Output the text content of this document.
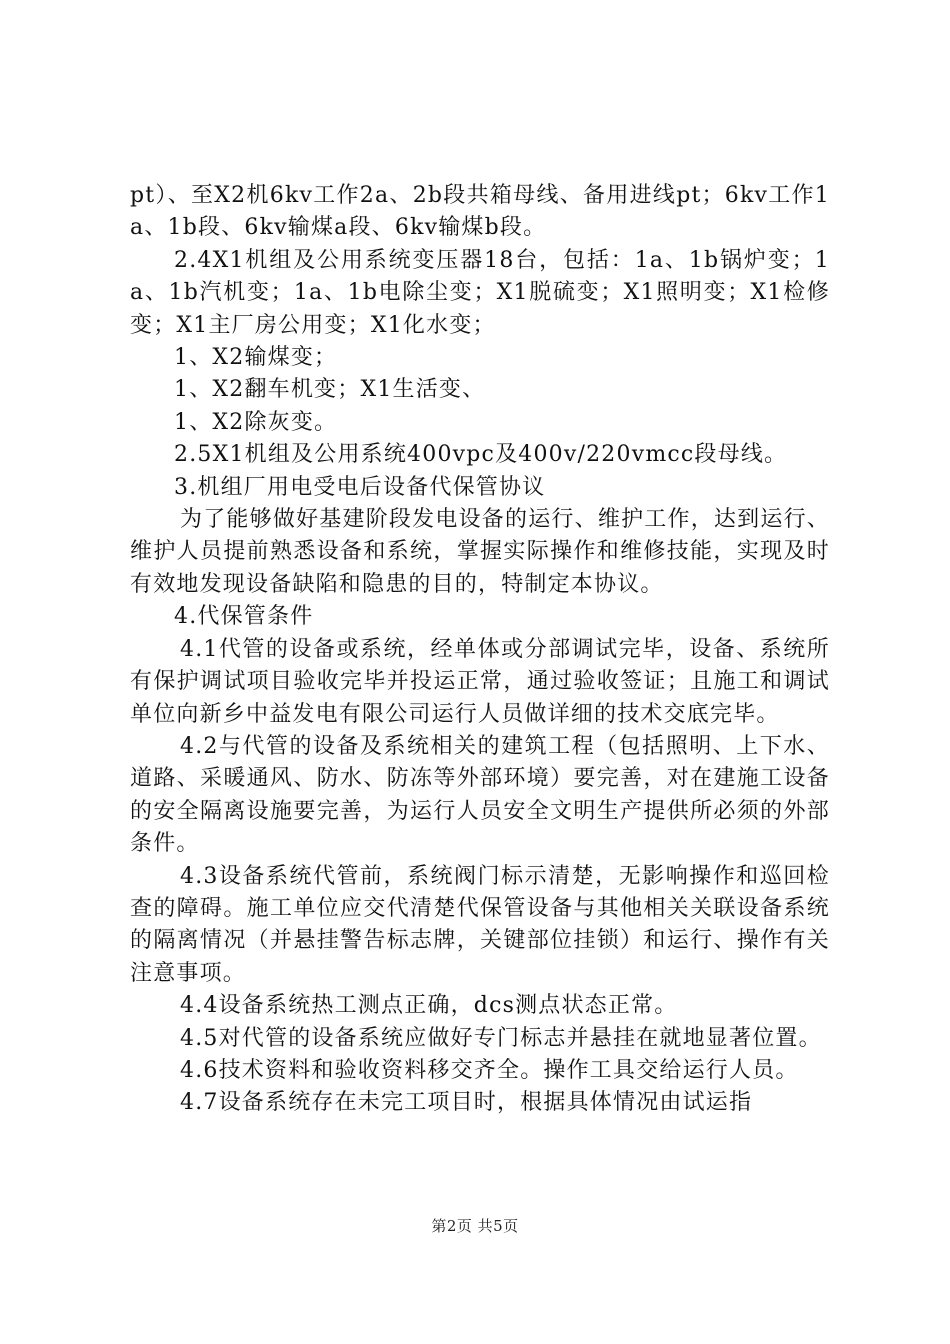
pt）、至X2机6kv工作2a、2b段共箱母线、备用进线pt；6kv工作1a、1b段、6kv输煤a段、6kv输煤b段。

2.4X1机组及公用系统变压器18台，包括：1a、1b锅炉变；1a、1b汽机变；1a、1b电除尘变；X1脱硫变；X1照明变；X1检修变；X1主厂房公用变；X1化水变；

1、X2输煤变；

1、X2翻车机变；X1生活变、

1、X2除灰变。

2.5X1机组及公用系统400vpc及400v/220vmcc段母线。

3.机组厂用电受电后设备代保管协议

为了能够做好基建阶段发电设备的运行、维护工作，达到运行、维护人员提前熟悉设备和系统，掌握实际操作和维修技能，实现及时有效地发现设备缺陷和隐患的目的，特制定本协议。

4.代保管条件

4.1代管的设备或系统，经单体或分部调试完毕，设备、系统所有保护调试项目验收完毕并投运正常，通过验收签证；且施工和调试单位向新乡中益发电有限公司运行人员做详细的技术交底完毕。

4.2与代管的设备及系统相关的建筑工程（包括照明、上下水、道路、采暖通风、防水、防冻等外部环境）要完善，对在建施工设备的安全隔离设施要完善，为运行人员安全文明生产提供所必须的外部条件。

4.3设备系统代管前，系统阀门标示清楚，无影响操作和巡回检查的障碍。施工单位应交代清楚代保管设备与其他相关关联设备系统的隔离情况（并悬挂警告标志牌，关键部位挂锁）和运行、操作有关注意事项。

4.4设备系统热工测点正确，dcs测点状态正常。

4.5对代管的设备系统应做好专门标志并悬挂在就地显著位置。

4.6技术资料和验收资料移交齐全。操作工具交给运行人员。

4.7设备系统存在未完工项目时，根据具体情况由试运指

第2页 共5页
